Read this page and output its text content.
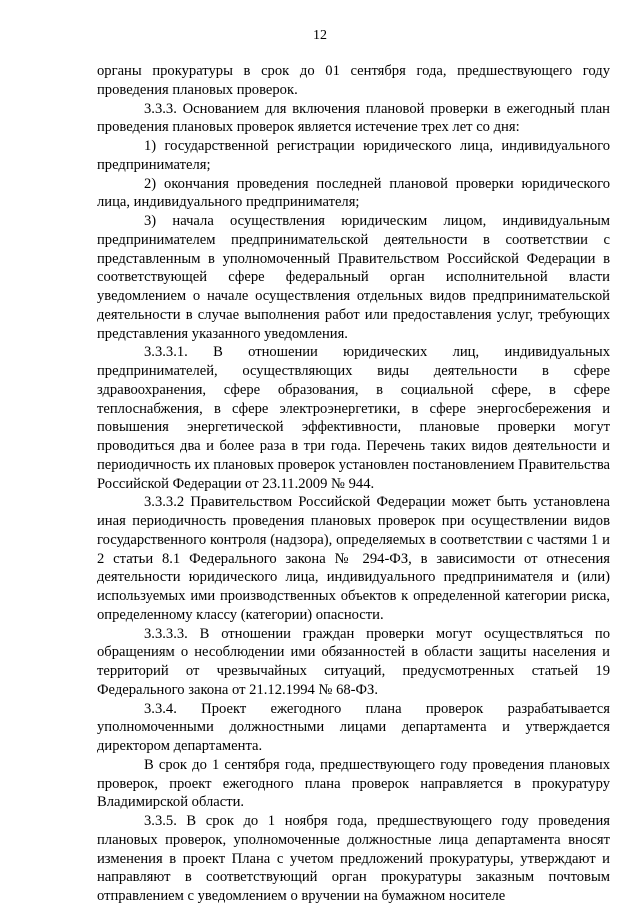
12

органы прокуратуры в срок до 01 сентября года, предшествующего году проведения плановых проверок.

3.3.3. Основанием для включения плановой проверки в ежегодный план проведения плановых проверок является истечение трех лет со дня:

1) государственной регистрации юридического лица, индивидуального предпринимателя;

2) окончания проведения последней плановой проверки юридического лица, индивидуального предпринимателя;

3) начала осуществления юридическим лицом, индивидуальным предпринимателем предпринимательской деятельности в соответствии с представленным в уполномоченный Правительством Российской Федерации в соответствующей сфере федеральный орган исполнительной власти уведомлением о начале осуществления отдельных видов предпринимательской деятельности в случае выполнения работ или предоставления услуг, требующих представления указанного уведомления.

3.3.3.1. В отношении юридических лиц, индивидуальных предпринимателей, осуществляющих виды деятельности в сфере здравоохранения, сфере образования, в социальной сфере, в сфере теплоснабжения, в сфере электроэнергетики, в сфере энергосбережения и повышения энергетической эффективности, плановые проверки могут проводиться два и более раза в три года. Перечень таких видов деятельности и периодичность их плановых проверок установлен постановлением Правительства Российской Федерации от 23.11.2009 № 944.

3.3.3.2 Правительством Российской Федерации может быть установлена иная периодичность проведения плановых проверок при осуществлении видов государственного контроля (надзора), определяемых в соответствии с частями 1 и 2 статьи 8.1 Федерального закона № 294-ФЗ, в зависимости от отнесения деятельности юридического лица, индивидуального предпринимателя и (или) используемых ими производственных объектов к определенной категории риска, определенному классу (категории) опасности.

3.3.3.3. В отношении граждан проверки могут осуществляться по обращениям о несоблюдении ими обязанностей в области защиты населения и территорий от чрезвычайных ситуаций, предусмотренных статьей 19 Федерального закона от 21.12.1994 № 68-ФЗ.

3.3.4. Проект ежегодного плана проверок разрабатывается уполномоченными должностными лицами департамента и утверждается директором департамента.

В срок до 1 сентября года, предшествующего году проведения плановых проверок, проект ежегодного плана проверок направляется в прокуратуру Владимирской области.

3.3.5. В срок до 1 ноября года, предшествующего году проведения плановых проверок, уполномоченные должностные лица департамента вносят изменения в проект Плана с учетом предложений прокуратуры, утверждают и направляют в соответствующий орган прокуратуры заказным почтовым отправлением с уведомлением о вручении на бумажном носителе
